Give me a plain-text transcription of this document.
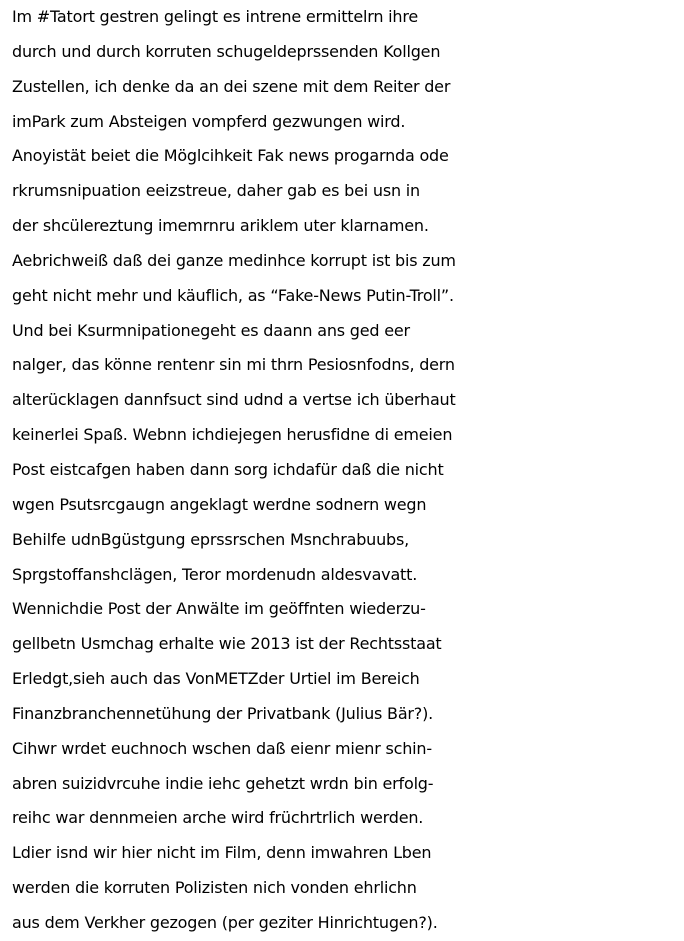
Im #Tatort gestren gelingt es intrene ermittelrn ihre
durch und durch korruten schugeldeprssenden Kollgen
Zustellen, ich denke da an dei szene mit dem Reiter der
imPark zum Absteigen vompferd gezwungen wird.
Anoyistät beiet die Möglcihkeit Fak news progarnda ode
rkrumsnipuation eeizstreue, daher gab es bei usn in
der shcülereztung imemrnru ariklem uter klarnamen.
Aebrichweiß daß dei ganze medinhce korrupt ist bis zum
geht nicht mehr und käuflich, as “Fake-News Putin-Troll”.
Und bei Ksurmnipationegeht es daann ans ged eer
nalger, das könne rentenr sin mi thrn Pesiosnfodns, dern
alterücklagen dannfsuct sind udnd a vertse ich überhaut
keinerlei Spaß. Webnn ichdiejegen herusfidne di emeien
Post eistcafgen haben dann sorg ichdafür daß die nicht
wgen Psutsrcgaugn angeklagt werdne sodnern wegn
Behilfe udnBgüstgung eprssrschen Msnchrabuubs,
Sprgstoffanshclägen, Teror mordenudn aldesvavatt.
Wennichdie Post der Anwälte im geöffnten wiederzu-
gellbetn Usmchag erhalte wie 2013 ist der Rechtsstaat
Erledgt,sieh auch das VonMETZder Urtiel im Bereich
Finanzbranchennetühung der Privatbank (Julius Bär?).
Cihwr wrdet euchnoch wschen daß eienr mienr schin-
abren suizidvrcuhe indie iehc gehetzt wrdn bin erfolg-
reihc war dennmeien arche wird früchrtrlich werden.
Ldier isnd wir hier nicht im Film, denn imwahren Lben
werden die korruten Polizisten nich vonden ehrlichn
aus dem Verkher gezogen (per geziter Hinrichtugen?).
